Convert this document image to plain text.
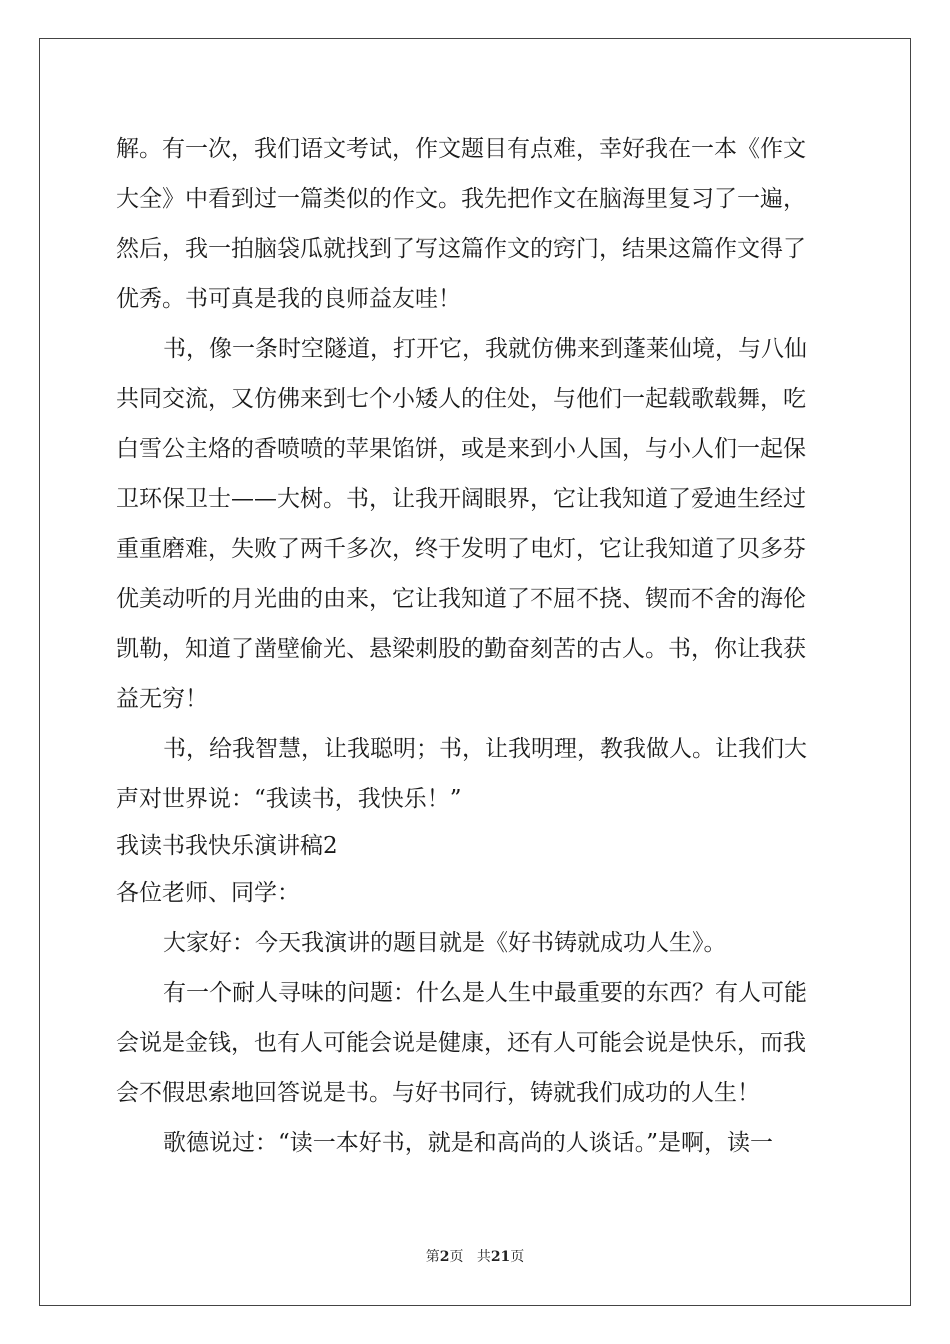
解。有一次，我们语文考试，作文题目有点难，幸好我在一本《作文
大全》中看到过一篇类似的作文。我先把作文在脑海里复习了一遍，
然后，我一拍脑袋瓜就找到了写这篇作文的窍门，结果这篇作文得了
优秀。书可真是我的良师益友哇！
书，像一条时空隧道，打开它，我就仿佛来到蓬莱仙境，与八仙
共同交流，又仿佛来到七个小矮人的住处，与他们一起载歌载舞，吃
白雪公主烙的香喷喷的苹果馅饼，或是来到小人国，与小人们一起保
卫环保卫士——大树。书，让我开阔眼界，它让我知道了爱迪生经过
重重磨难，失败了两千多次，终于发明了电灯，它让我知道了贝多芬
优美动听的月光曲的由来，它让我知道了不屈不挠、锲而不舍的海伦
凯勒，知道了凿壁偷光、悬梁刺股的勤奋刻苦的古人。书，你让我获
益无穷！
书，给我智慧，让我聪明；书，让我明理，教我做人。让我们大
声对世界说：“我读书，我快乐！”
我读书我快乐演讲稿2
各位老师、同学：
大家好：今天我演讲的题目就是《好书铸就成功人生》。
有一个耐人寻味的问题：什么是人生中最重要的东西？有人可能
会说是金钱，也有人可能会说是健康，还有人可能会说是快乐，而我
会不假思索地回答说是书。与好书同行，铸就我们成功的人生！
歌德说过：“读一本好书，就是和高尚的人谈话。”是啊，读一
第2页 共21页
